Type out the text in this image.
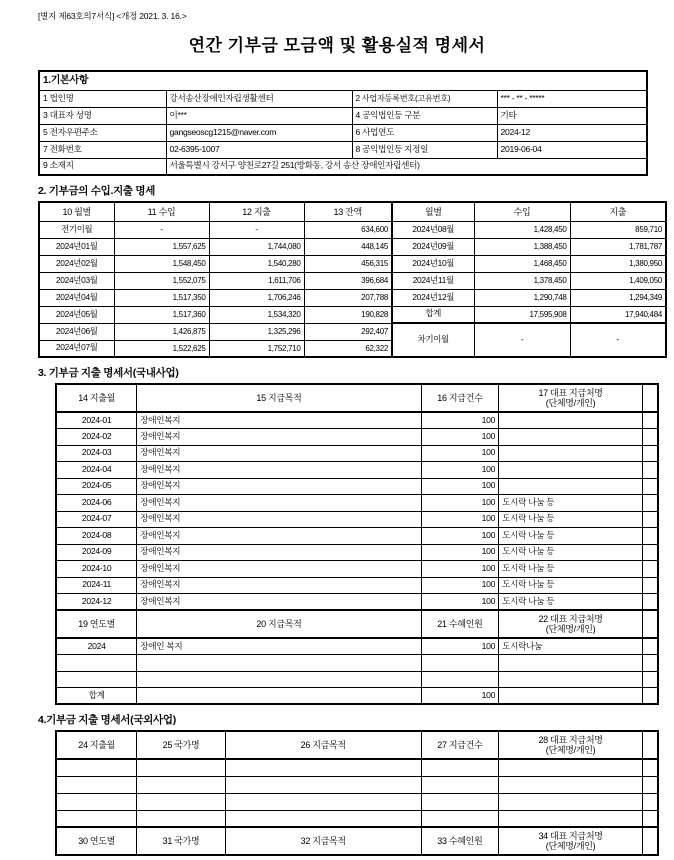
[별지 제63호의7서식] <개정 2021. 3. 16.>
연간 기부금 모금액 및 활용실적 명세서
1.기본사항			
1 법인명	강서송산장애인자립생활센터	2 사업자등록번호(고유번호)	*** - ** - *****
3 대표자 성명	이***	4 공익법인등 구분	기타
5 전자우편주소	gangseoscg1215@naver.com	6 사업연도	2024-12
7 전화번호	02-6395-1007	8 공익법인등 지정일	2019-06-04
9 소재지	서울특별시 강서구 양천로27길 251(방화동, 강서 송산 장애인자립센터)		
2. 기부금의 수입.지출 명세
10 월별	11 수입	12 지출	13 잔액	월별	수입	지출
전기이월	-	-	634,600	2024년08월	1,428,450	859,710
2024년01월	1,557,625	1,744,080	448,145	2024년09월	1,388,450	1,781,787
2024년02월	1,548,450	1,540,280	456,315	2024년10월	1,468,450	1,380,950
2024년03월	1,552,075	1,611,706	396,684	2024년11월	1,378,450	1,409,050
2024년04월	1,517,350	1,706,246	207,788	2024년12월	1,290,748	1,294,349
2024년05월	1,517,360	1,534,320	190,828	합계	17,595,908	17,940,484
2024년06월	1,426,875	1,325,296	292,407	차기이월	-	-
2024년07월	1,522,625	1,752,710	62,322			
3. 기부금 지출 명세서(국내사업)
14 지출월	15 지급목적	16 지급건수	17 대표 지급처명
(단체명/개인)	

2024-01	장애인복지	100		
2024-02	장애인복지	100		
2024-03	장애인복지	100		
2024-04	장애인복지	100		
2024-05	장애인복지	100		
2024-06	장애인복지	100	도시락 나눔 등	
2024-07	장애인복지	100	도시락 나눔 등	
2024-08	장애인복지	100	도시락 나눔 등	
2024-09	장애인복지	100	도시락 나눔 등	
2024-10	장애인복지	100	도시락 나눔 등	
2024-11	장애인복지	100	도시락 나눔 등	
2024-12	장애인복지	100	도시락 나눔 등	
19 연도별	20 지급목적	21 수혜인원	22 대표 지급처명
(단체명/개인)	

2024	장애인 복지	100	도시락나눔	

합계		100		
4.기부금 지출 명세서(국외사업)
24 지출월	25 국가명	26 지급목적	27 지급건수	28 대표 지급처명
(단체명/개인)	

30 연도별	31 국가명	32 지급목적	33 수혜인원	34 대표 지급처명
(단체명/개인)	
